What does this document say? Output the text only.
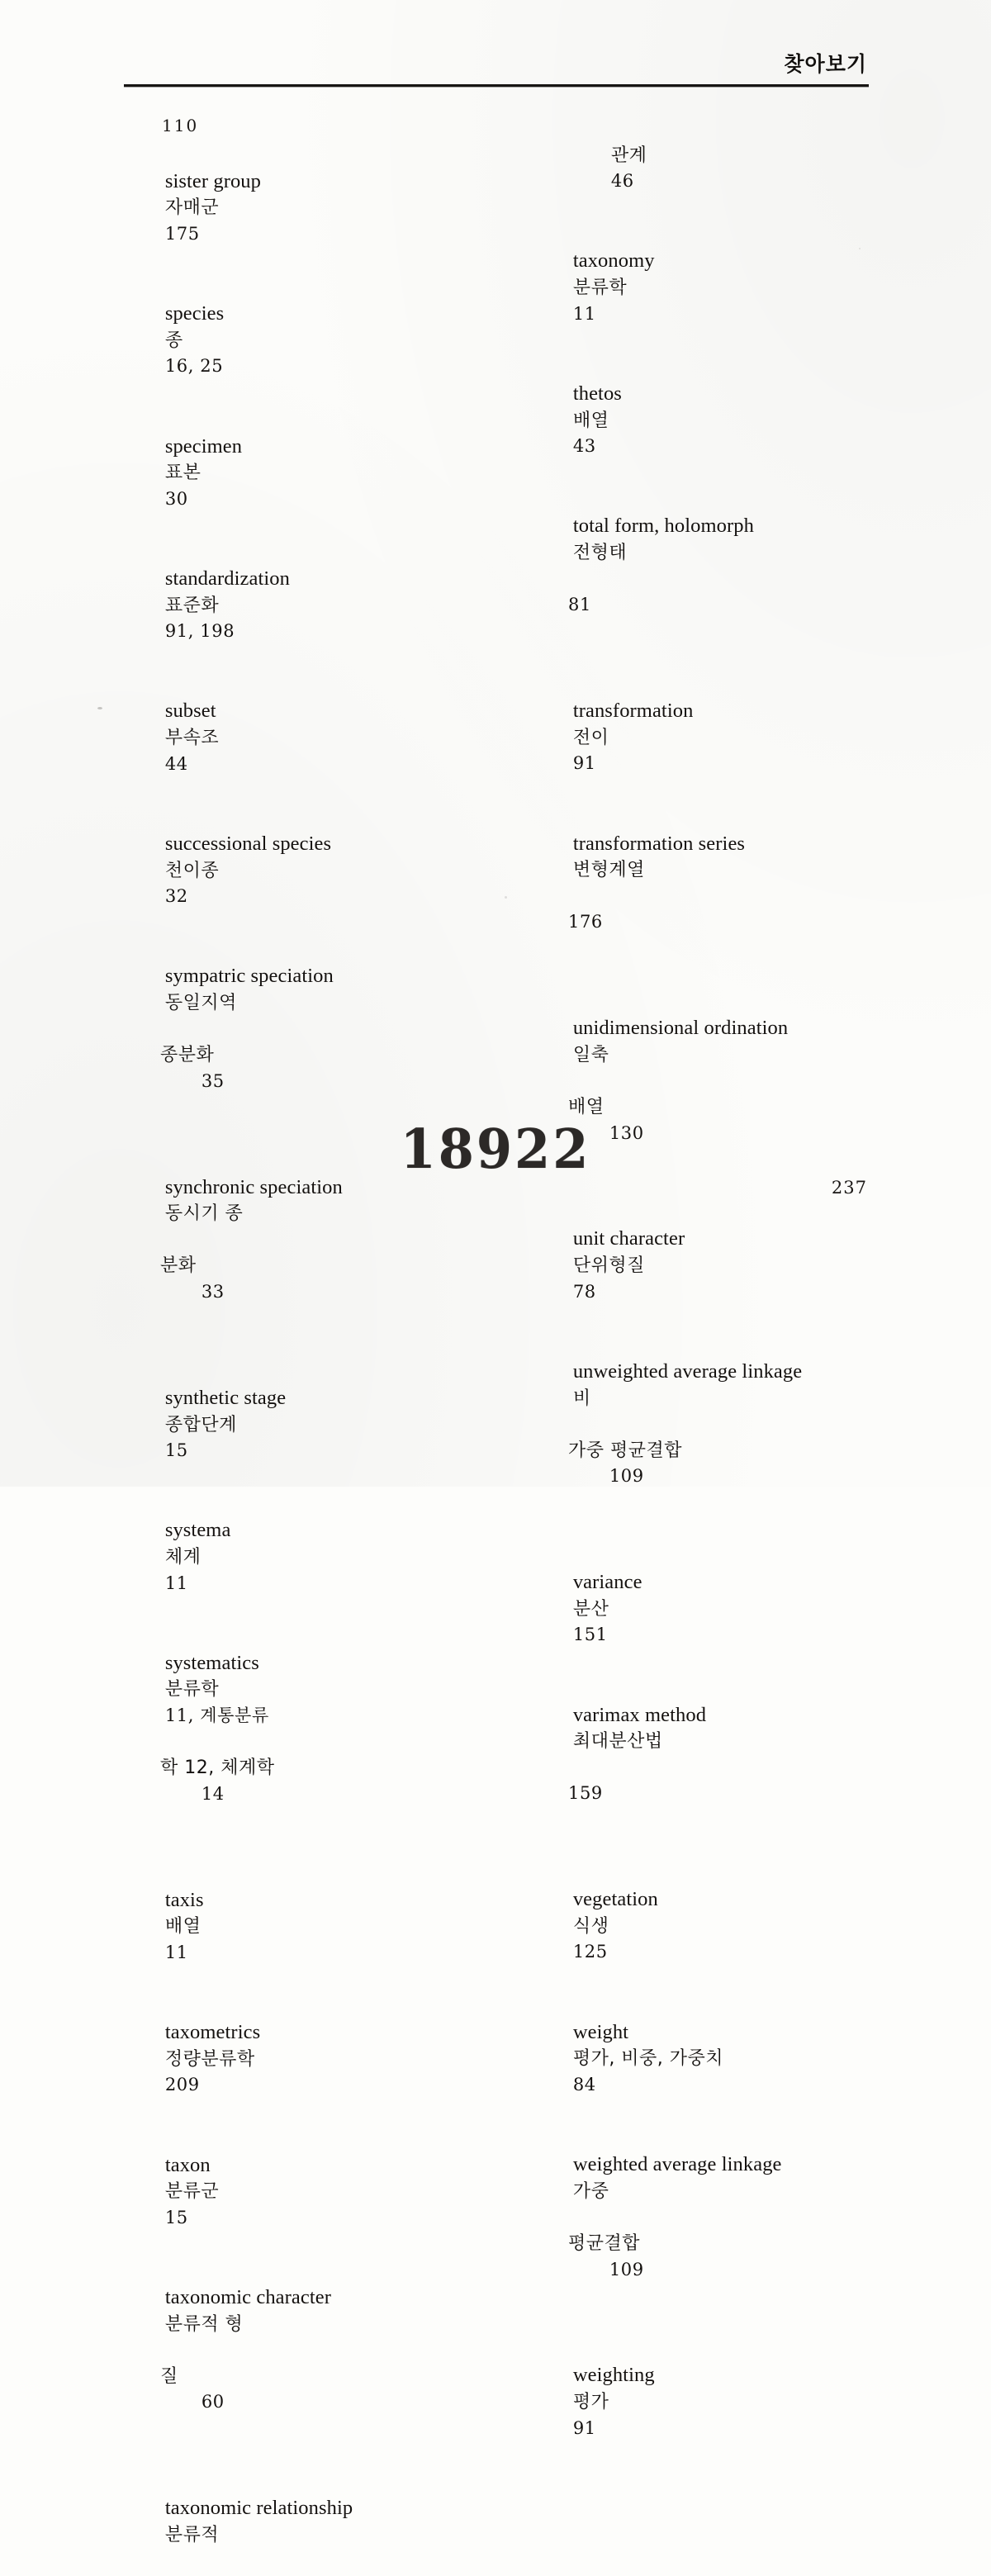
찾아보기
110

sister group
자매군
175

species
종
16, 25

specimen
표본
30

standardization
표준화
91, 198

subset
부속조
44

successional species
천이종
32

sympatric speciation
동일지역

종분화
35

synchronic speciation
동시기 종

분화
33

synthetic stage
종합단계
15

systema
체계
11

systematics
분류학
11, 계통분류

학 12, 체계학
14

taxis
배열
11

taxometrics
정량분류학
209

taxon
분류군
15

taxonomic character
분류적 형

질
60

taxonomic relationship
분류적

관계
46

taxonomy
분류학
11

thetos
배열
43

total form, holomorph
전형태

81

transformation
전이
91

transformation series
변형계열

176

unidimensional ordination
일축

배열
130

unit character
단위형질
78

unweighted average linkage
비

가중 평균결합
109

variance
분산
151

varimax method
최대분산법

159

vegetation
식생
125

weight
평가, 비중, 가중치
84

weighted average linkage
가중

평균결합
109

weighting
평가
91

18922
237
